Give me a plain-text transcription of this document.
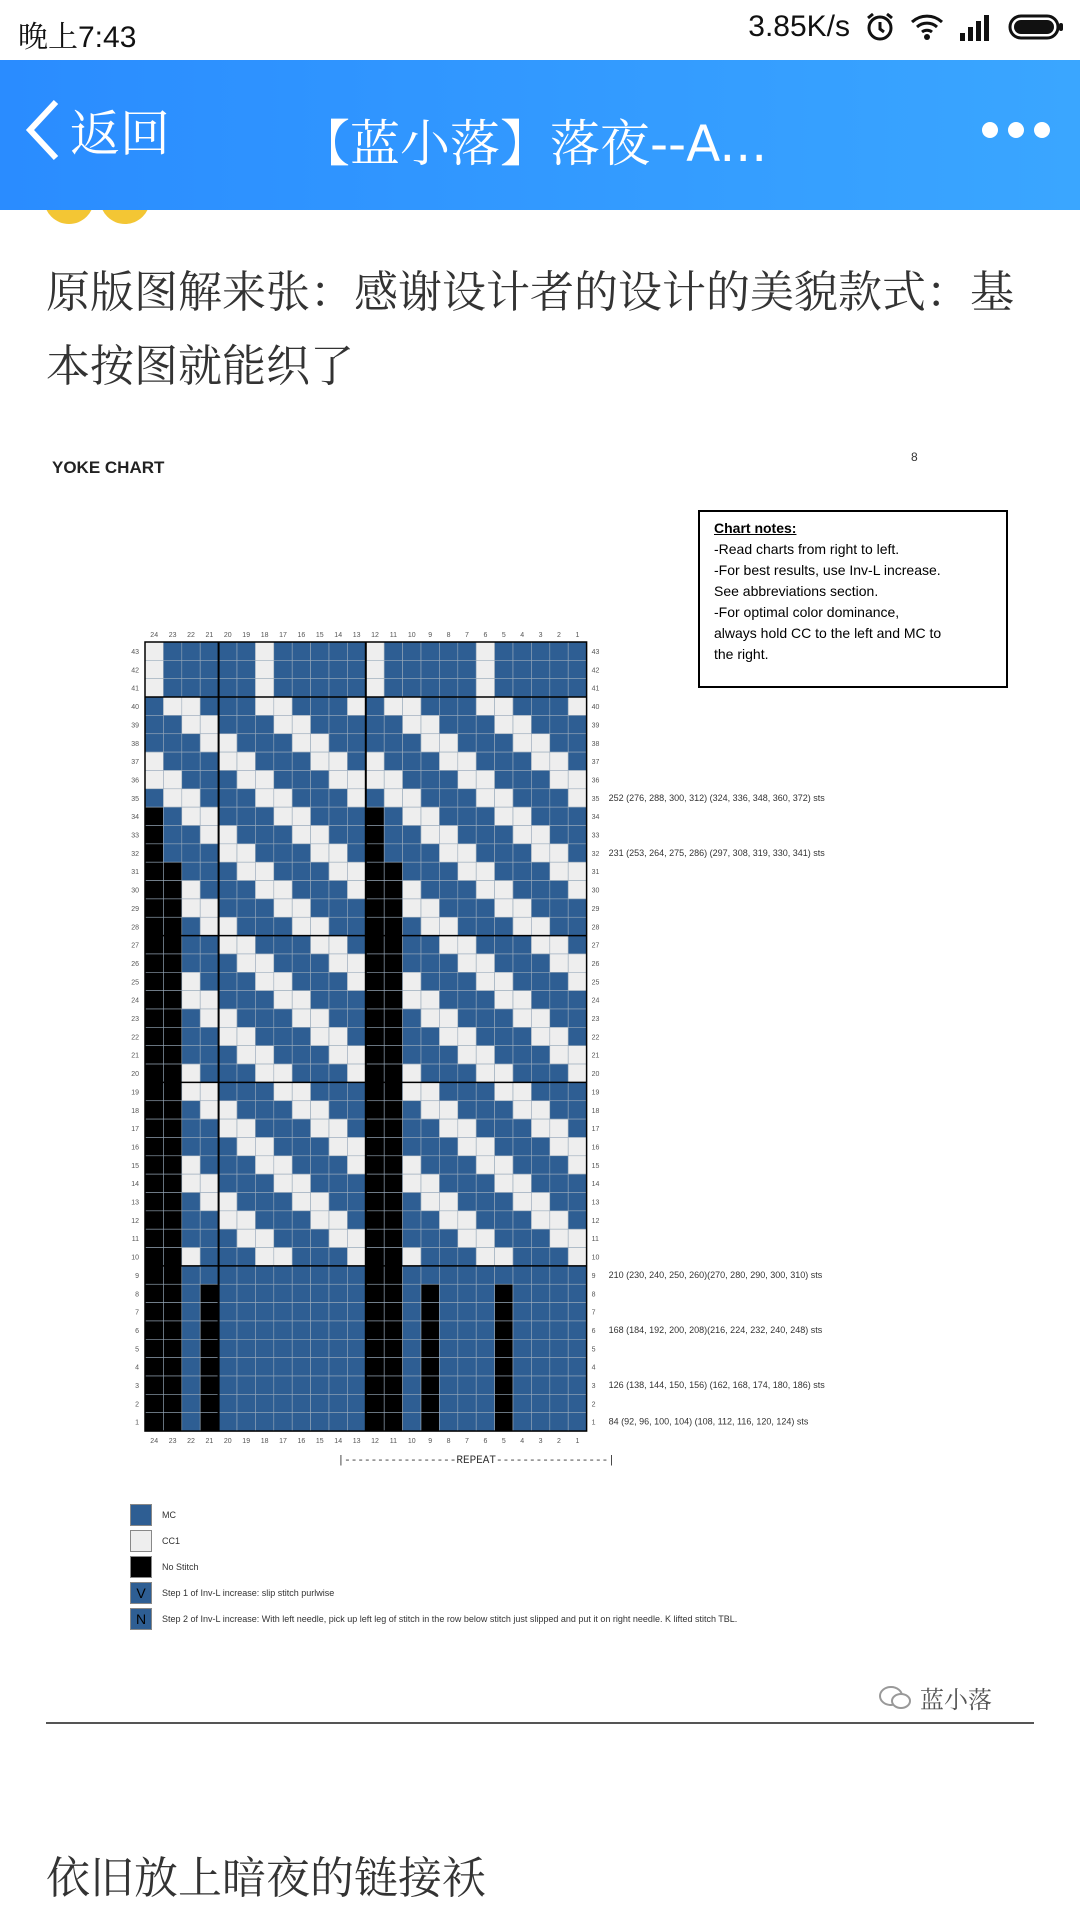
晚上7:43	3.85K/s
返回	【蓝小落】落夜--A...

原版图解来张：感谢设计者的设计的美貌款式：基本按图就能织了

43	43
42	42
41	41
40	40
39	39
38	38
37	37
36	36
35	35
34	34
33	33
32	32
31	31
30	30
29	29
28	28
27	27
26	26
25	25
24	24
23	23
22	22
21	21
20	20
19	19
18	18
17	17
16	16
15	15
14	14
13	13
12	12
11	11
10	10
9	9
8	8
7	7
6	6
5	5
4	4
3	3
2	2
1	1
24
24
23
23
22
22
21
21
20
20
19
19
18
18
17
17
16
16
15
15
14
14
13
13
12
12
11
11
10
10
9
9
8
8
7
7
6
6
5
5
4
4
3
3
2
2
1
1
252 (276, 288, 300, 312) (324, 336, 348, 360, 372) sts
231 (253, 264, 275, 286) (297, 308, 319, 330, 341) sts
210 (230, 240, 250, 260)(270, 280, 290, 300, 310) sts
168 (184, 192, 200, 208)(216, 224, 232, 240, 248) sts
126 (138, 144, 150, 156) (162, 168, 174, 180, 186) sts
84 (92, 96, 100, 104) (108, 112, 116, 120, 124) sts
|-----------------REPEAT-----------------|
YOKE CHART
8
Chart notes:
-Read charts from right to left.
-For best results, use Inv-L increase.
See abbreviations section.
-For optimal color dominance,
always hold CC to the left and MC to
the right.
MC
CC1
No Stitch
V	Step 1 of Inv-L increase: slip stitch purlwise
N	Step 2 of Inv-L increase: With left needle, pick up left leg of stitch in the row below stitch just slipped and put it on right needle. K lifted stitch TBL.
蓝小落

依旧放上暗夜的链接袄
